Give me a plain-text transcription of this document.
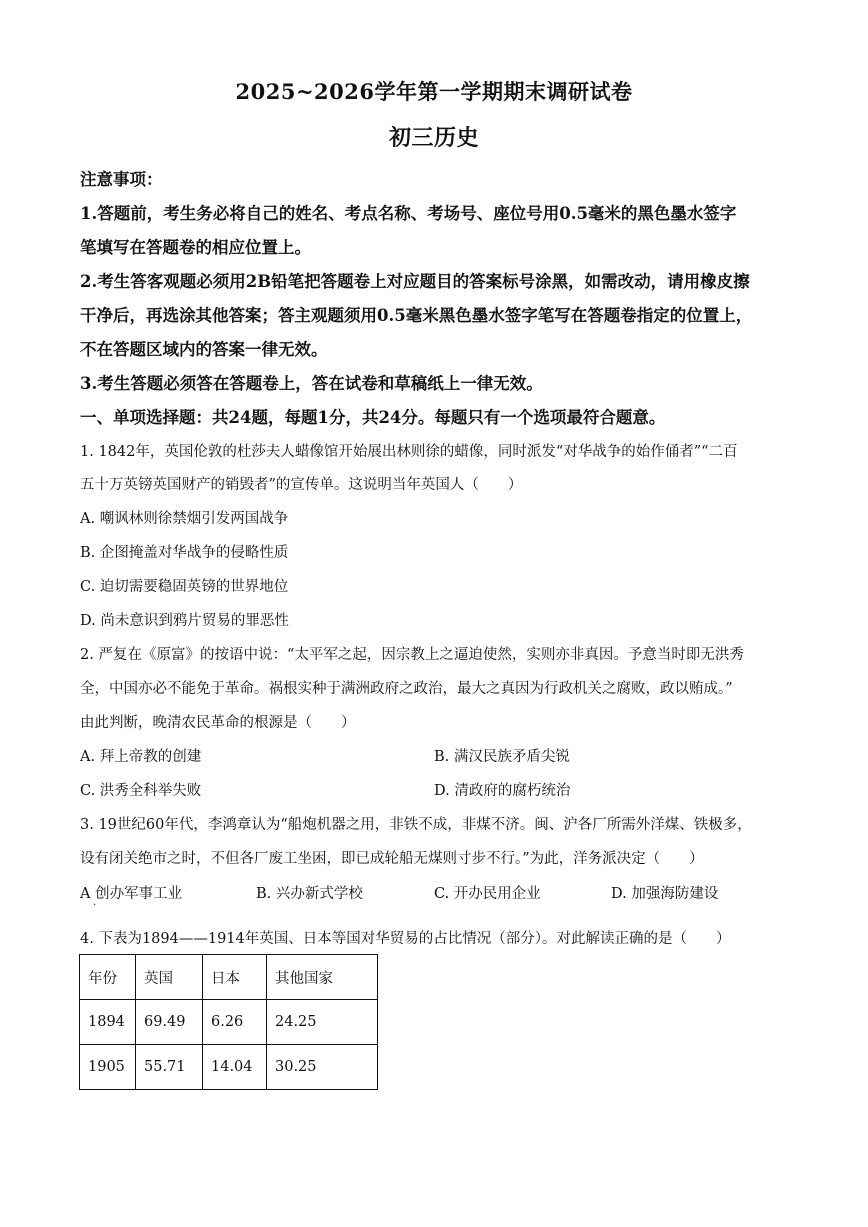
2025~2026学年第一学期期末调研试卷
初三历史
注意事项：
1.答题前，考生务必将自己的姓名、考点名称、考场号、座位号用0.5毫米的黑色墨水签字
笔填写在答题卷的相应位置上。
2.考生答客观题必须用2B铅笔把答题卷上对应题目的答案标号涂黑，如需改动，请用橡皮擦
干净后，再选涂其他答案；答主观题须用0.5毫米黑色墨水签字笔写在答题卷指定的位置上，
不在答题区域内的答案一律无效。
3.考生答题必须答在答题卷上，答在试卷和草稿纸上一律无效。
一、单项选择题：共24题，每题1分，共24分。每题只有一个选项最符合题意。
1. 1842年，英国伦敦的杜莎夫人蜡像馆开始展出林则徐的蜡像，同时派发“对华战争的始作俑者”“二百
五十万英镑英国财产的销毁者”的宣传单。这说明当年英国人（　　）
A. 嘲讽林则徐禁烟引发两国战争
B. 企图掩盖对华战争的侵略性质
C. 迫切需要稳固英镑的世界地位
D. 尚未意识到鸦片贸易的罪恶性
2. 严复在《原富》的按语中说：“太平军之起，因宗教上之逼迫使然，实则亦非真因。予意当时即无洪秀
全，中国亦必不能免于革命。祸根实种于满洲政府之政治，最大之真因为行政机关之腐败，政以贿成。”
由此判断，晚清农民革命的根源是（　　）
A. 拜上帝教的创建	B. 满汉民族矛盾尖锐
C. 洪秀全科举失败	D. 清政府的腐朽统治
3. 19世纪60年代，李鸿章认为“船炮机器之用，非铁不成，非煤不济。闽、沪各厂所需外洋煤、铁极多，
设有闭关绝市之时，不但各厂废工坐困，即已成轮船无煤则寸步不行。”为此，洋务派决定（　　）
A 创办军事工业	B. 兴办新式学校	C. 开办民用企业	D. 加强海防建设
·
4. 下表为1894——1914年英国、日本等国对华贸易的占比情况（部分）。对此解读正确的是（　　）
年份	英国	日本	其他国家
1894	69.49	6.26	24.25
1905	55.71	14.04	30.25
